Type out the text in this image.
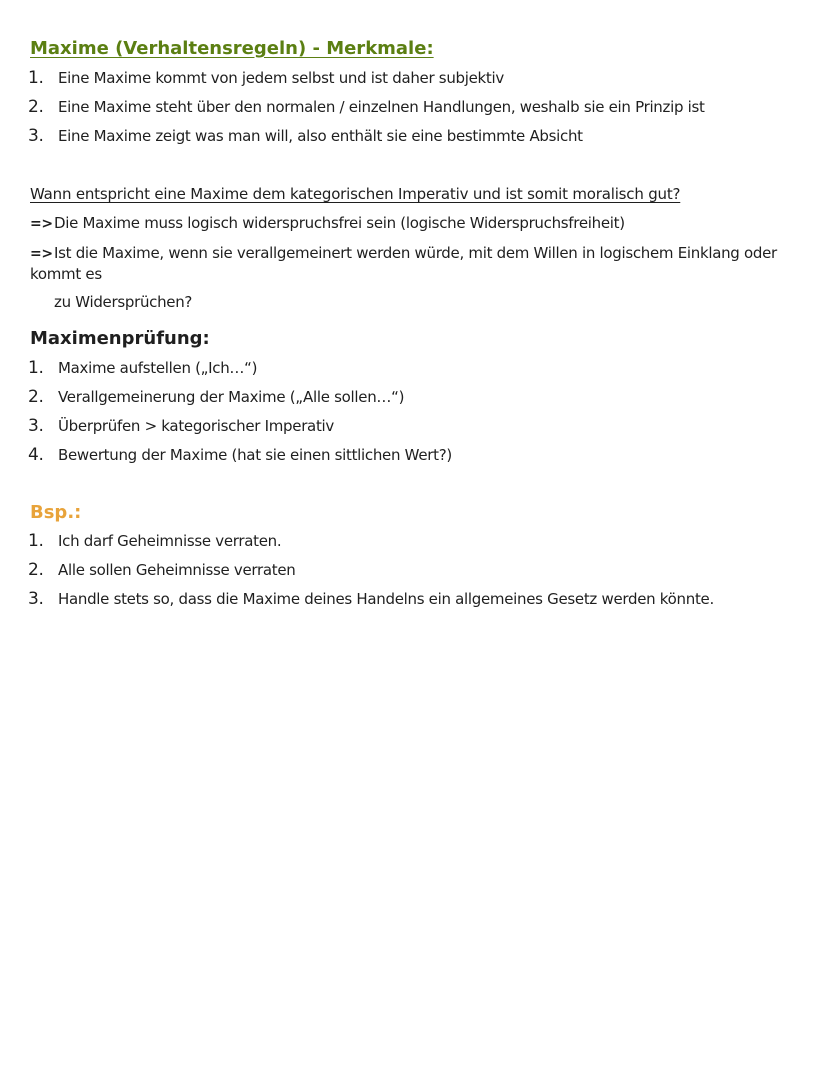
Maxime (Verhaltensregeln) - Merkmale:
1. Eine Maxime kommt von jedem selbst und ist daher subjektiv
2. Eine Maxime steht über den normalen / einzelnen Handlungen, weshalb sie ein Prinzip ist
3. Eine Maxime zeigt was man will, also enthält sie eine bestimmte Absicht
Wann entspricht eine Maxime dem kategorischen Imperativ und ist somit moralisch gut?
=>Die Maxime muss logisch widerspruchsfrei sein (logische Widerspruchsfreiheit)
=>Ist die Maxime, wenn sie verallgemeinert werden würde, mit dem Willen in logischem Einklang oder kommt es
zu Widersprüchen?
Maximenprüfung:
1. Maxime aufstellen („Ich…“)
2. Verallgemeinerung der Maxime („Alle sollen…“)
3. Überprüfen > kategorischer Imperativ
4. Bewertung der Maxime (hat sie einen sittlichen Wert?)
Bsp.:
1. Ich darf Geheimnisse verraten.
2. Alle sollen Geheimnisse verraten
3. Handle stets so, dass die Maxime deines Handelns ein allgemeines Gesetz werden könnte.
